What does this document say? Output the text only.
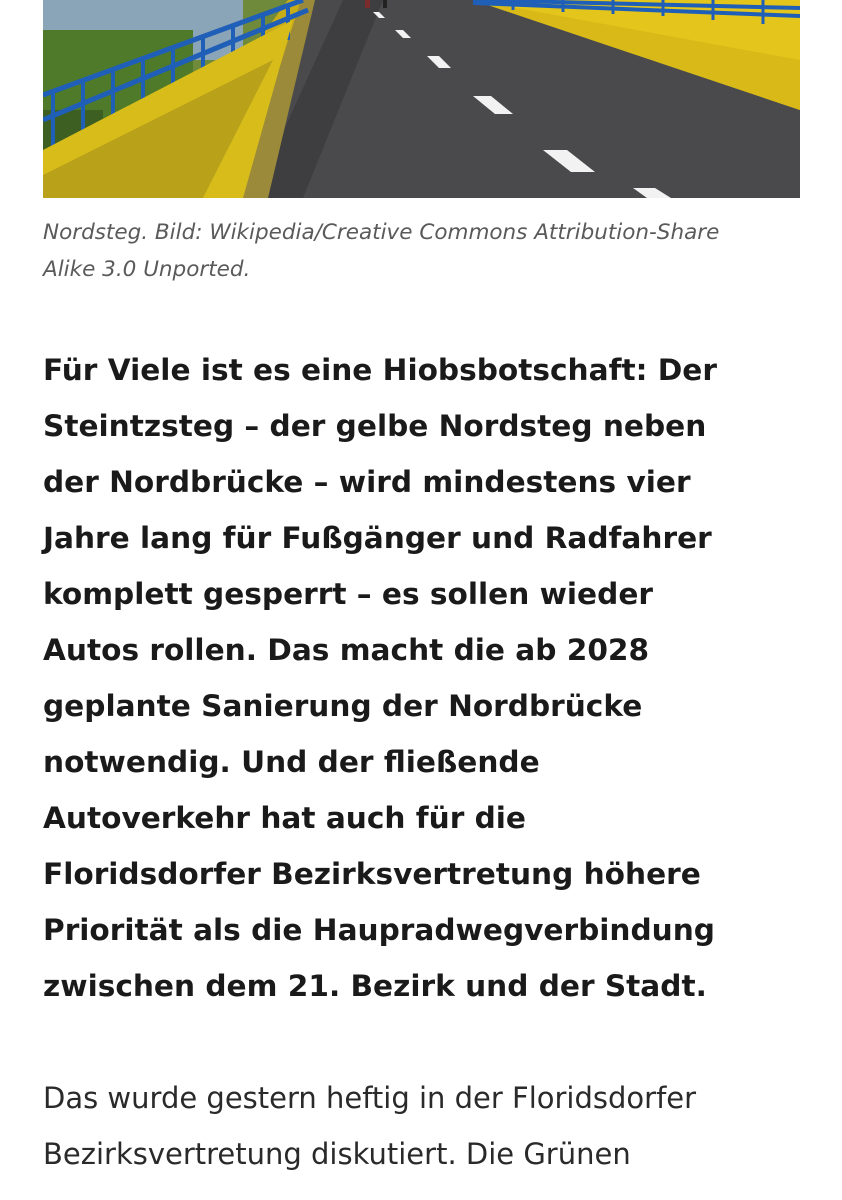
Nordsteg. Bild: Wikipedia/Creative Commons Attribution-Share
Alike 3.0 Unported.

Für Viele ist es eine Hiobsbotschaft: Der
Steintzsteg – der gelbe Nordsteg neben
der Nordbrücke – wird mindestens vier
Jahre lang für Fußgänger und Radfahrer
komplett gesperrt – es sollen wieder
Autos rollen. Das macht die ab 2028
geplante Sanierung der Nordbrücke
notwendig. Und der fließende
Autoverkehr hat auch für die
Floridsdorfer Bezirksvertretung höhere
Priorität als die Haupradwegverbindung
zwischen dem 21. Bezirk und der Stadt.

Das wurde gestern heftig in der Floridsdorfer
Bezirksvertretung diskutiert. Die Grünen
